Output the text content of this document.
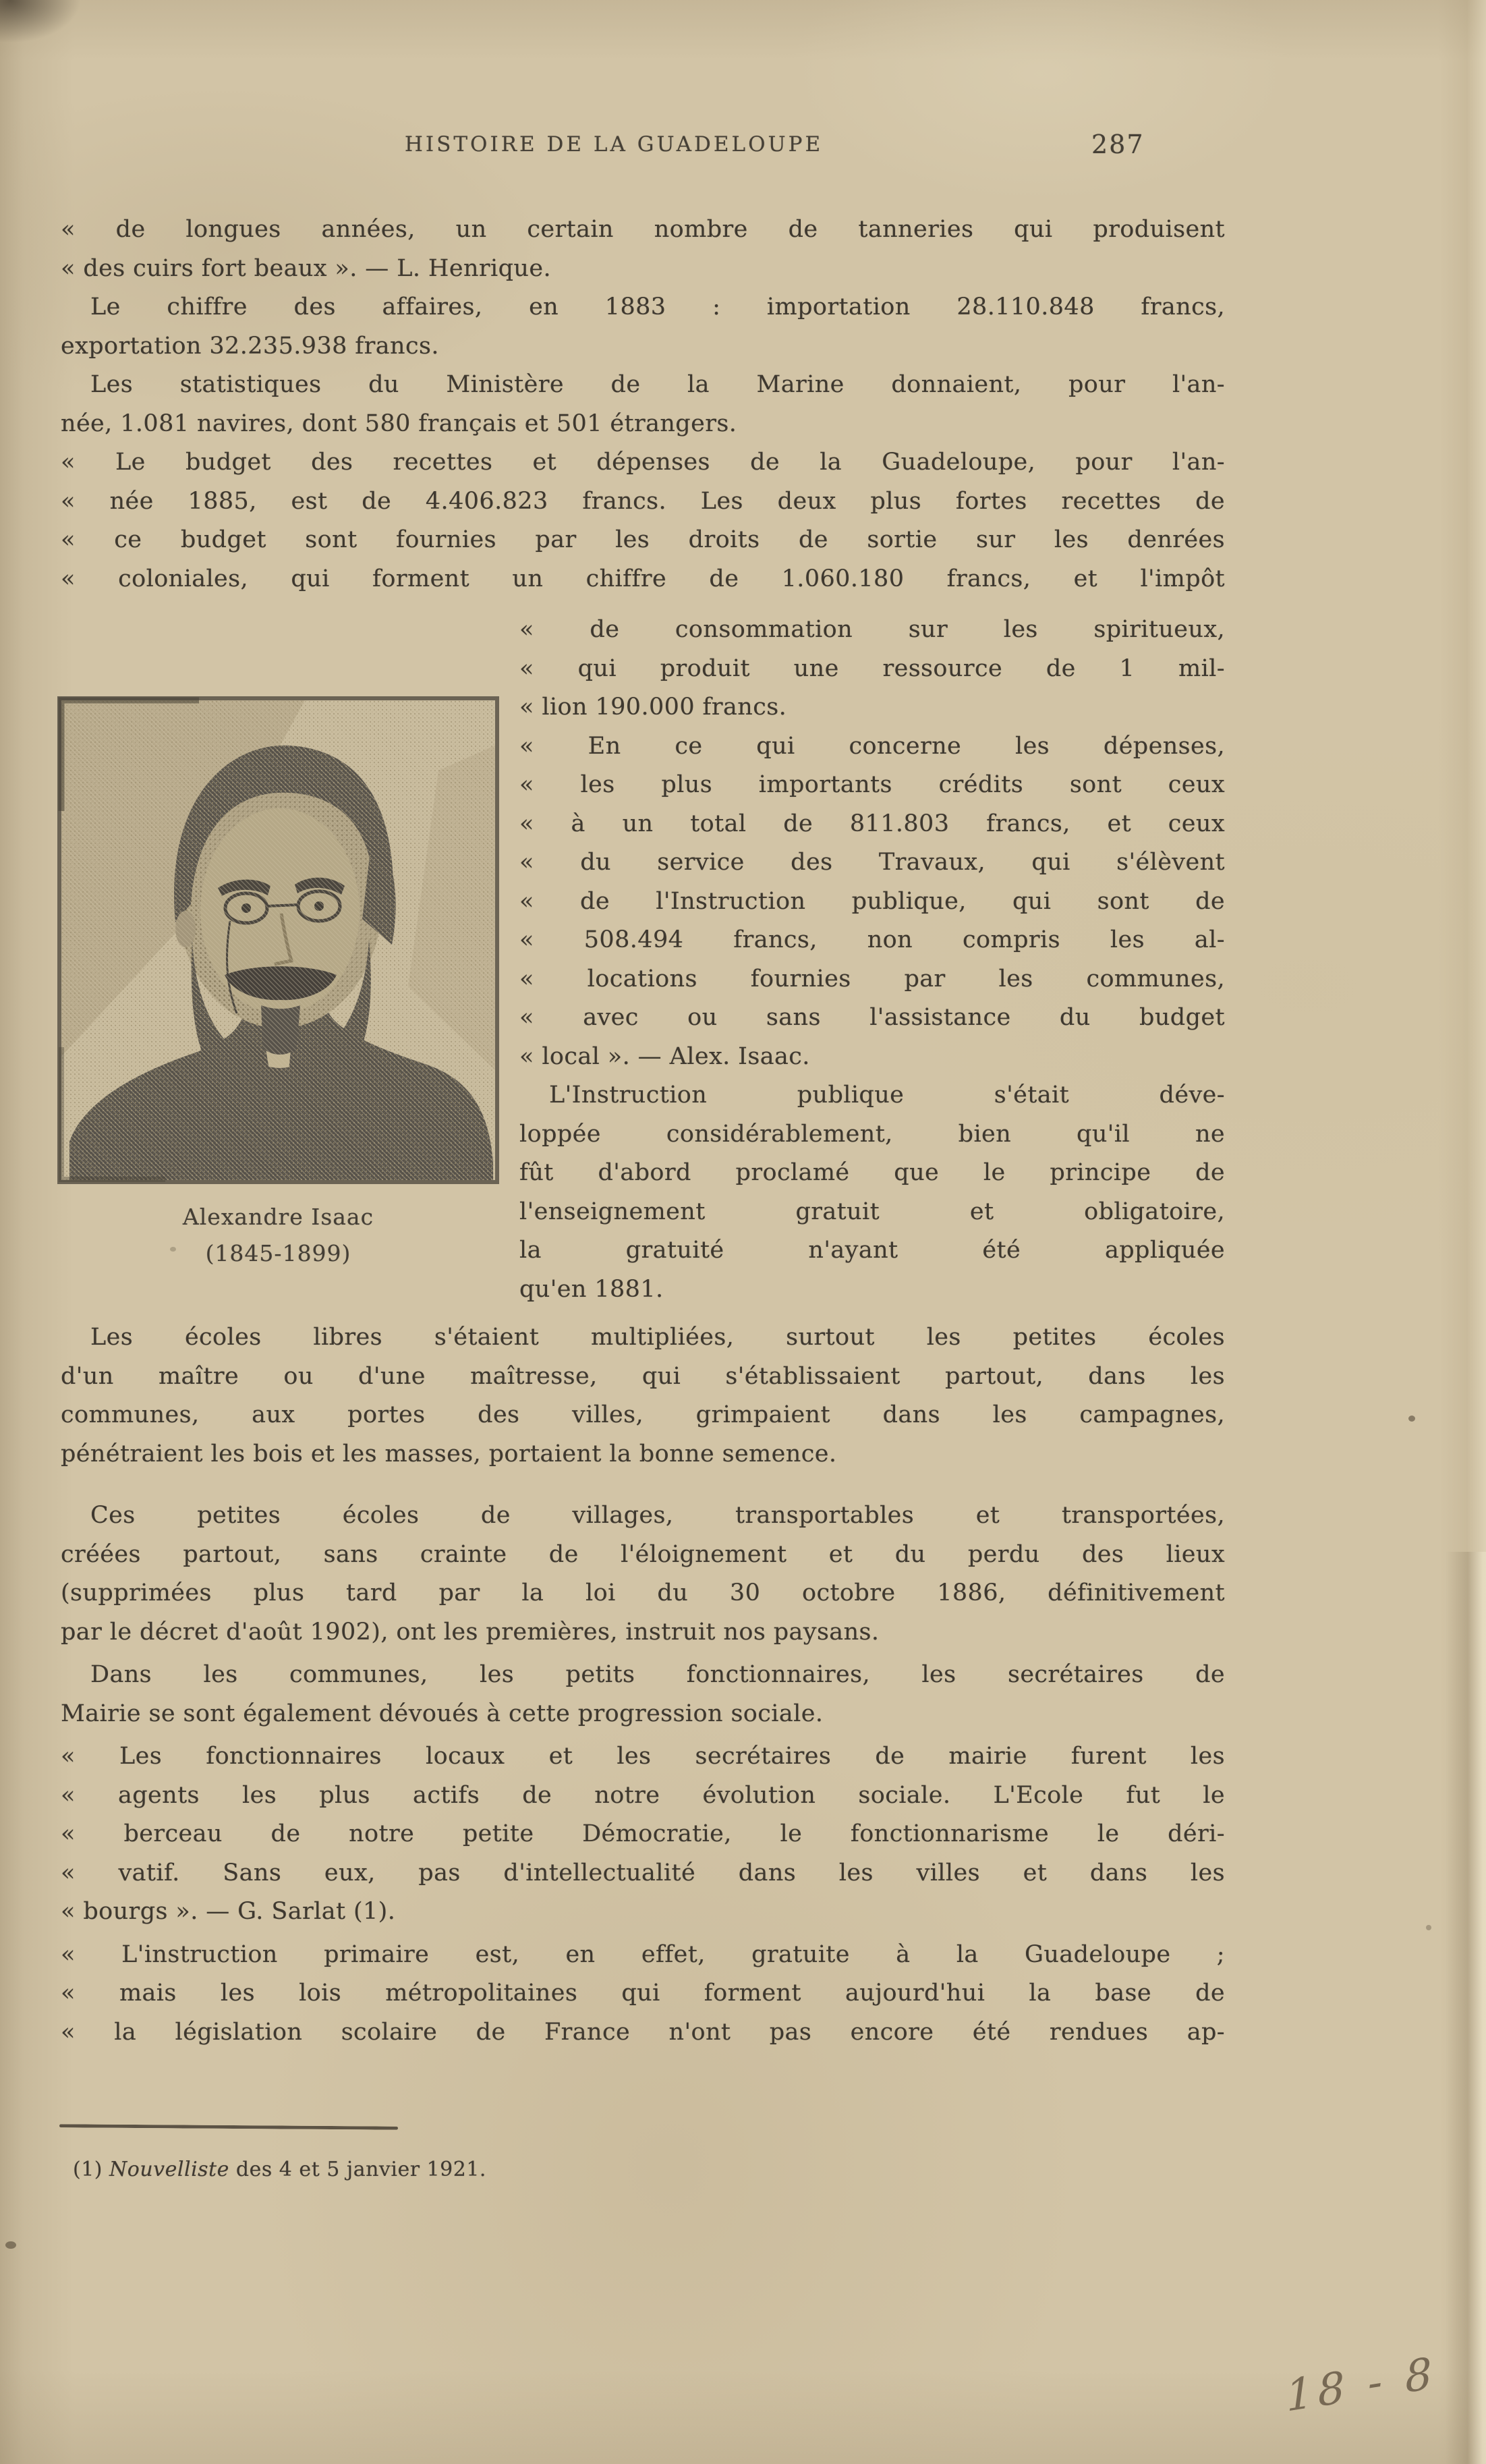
HISTOIRE DE LA GUADELOUPE	287
« de longues années, un certain nombre de tanneries qui produisent
« des cuirs fort beaux ». — L. Henrique.
Le chiffre des affaires, en 1883 : importation 28.110.848 francs,
exportation 32.235.938 francs.
Les statistiques du Ministère de la Marine donnaient, pour l'an-
née, 1.081 navires, dont 580 français et 501 étrangers.
« Le budget des recettes et dépenses de la Guadeloupe, pour l'an-
« née 1885, est de 4.406.823 francs. Les deux plus fortes recettes de
« ce budget sont fournies par les droits de sortie sur les denrées
« coloniales, qui forment un chiffre de 1.060.180 francs, et l'impôt
Alexandre Isaac
(1845-1899)
« de consommation sur les spiritueux,
« qui produit une ressource de 1 mil-
« lion 190.000 francs.
« En ce qui concerne les dépenses,
« les plus importants crédits sont ceux
« à un total de 811.803 francs, et ceux
« du service des Travaux, qui s'élèvent
« de l'Instruction publique, qui sont de
« 508.494 francs, non compris les al-
« locations fournies par les communes,
« avec ou sans l'assistance du budget
« local ». — Alex. Isaac.
L'Instruction publique s'était déve-
loppée considérablement, bien qu'il ne
fût d'abord proclamé que le principe de
l'enseignement gratuit et obligatoire,
la gratuité n'ayant été appliquée
qu'en 1881.
Les écoles libres s'étaient multipliées, surtout les petites écoles
d'un maître ou d'une maîtresse, qui s'établissaient partout, dans les
communes, aux portes des villes, grimpaient dans les campagnes,
pénétraient les bois et les masses, portaient la bonne semence.
Ces petites écoles de villages, transportables et transportées,
créées partout, sans crainte de l'éloignement et du perdu des lieux
(supprimées plus tard par la loi du 30 octobre 1886, définitivement
par le décret d'août 1902), ont les premières, instruit nos paysans.
Dans les communes, les petits fonctionnaires, les secrétaires de
Mairie se sont également dévoués à cette progression sociale.
« Les fonctionnaires locaux et les secrétaires de mairie furent les
« agents les plus actifs de notre évolution sociale. L'Ecole fut le
« berceau de notre petite Démocratie, le fonctionnarisme le déri-
« vatif. Sans eux, pas d'intellectualité dans les villes et dans les
« bourgs ». — G. Sarlat (1).
« L'instruction primaire est, en effet, gratuite à la Guadeloupe ;
« mais les lois métropolitaines qui forment aujourd'hui la base de
« la législation scolaire de France n'ont pas encore été rendues ap-
(1) Nouvelliste des 4 et 5 janvier 1921.
18 - 8
